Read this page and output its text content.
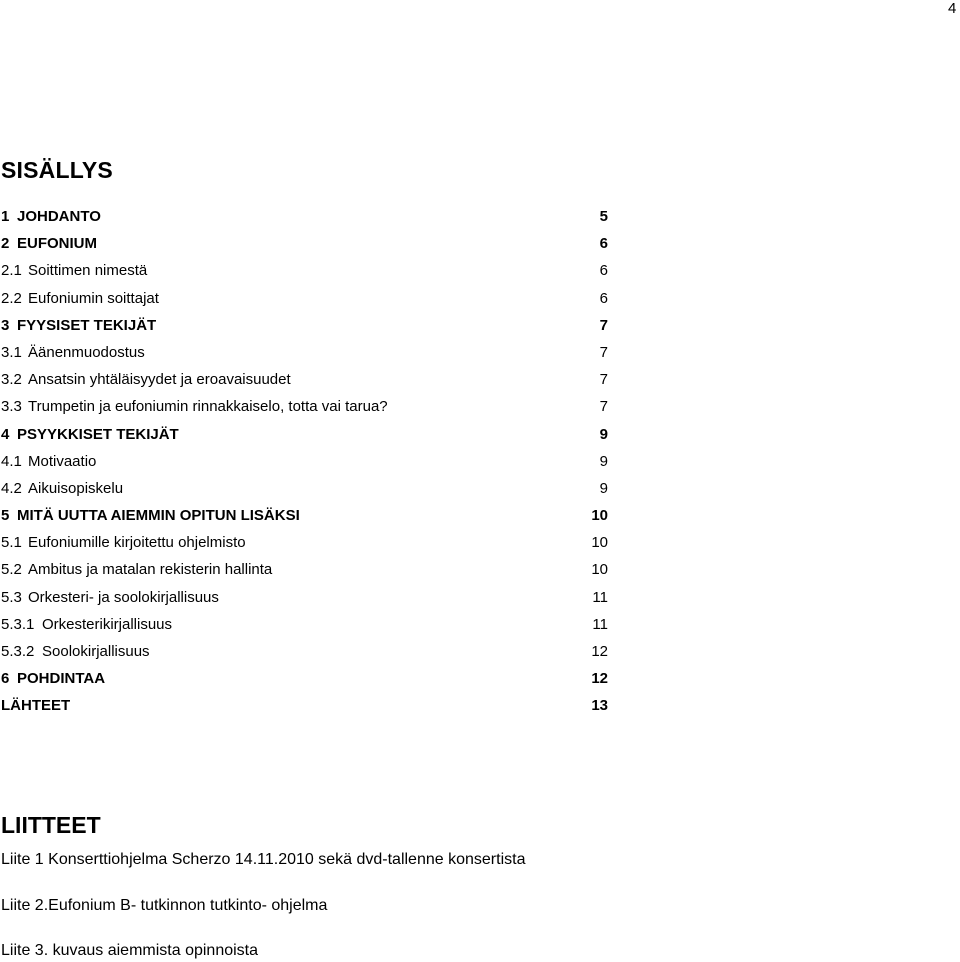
4
SISÄLLYS
1 JOHDANTO	5
2 EUFONIUM	6
2.1 Soittimen nimestä	6
2.2 Eufoniumin soittajat	6
3 FYYSISET TEKIJÄT	7
3.1 Äänenmuodostus	7
3.2 Ansatsin yhtäläisyydet ja eroavaisuudet	7
3.3 Trumpetin ja eufoniumin rinnakkaiselo, totta vai tarua?	7
4 PSYYKKISET TEKIJÄT	9
4.1 Motivaatio	9
4.2 Aikuisopiskelu	9
5 MITÄ UUTTA AIEMMIN OPITUN LISÄKSI	10
5.1 Eufoniumille kirjoitettu ohjelmisto	10
5.2 Ambitus ja matalan rekisterin hallinta	10
5.3 Orkesteri- ja soolokirjallisuus	11
5.3.1 Orkesterikirjallisuus	11
5.3.2 Soolokirjallisuus	12
6 POHDINTAA	12
LÄHTEET	13
LIITTEET
Liite 1 Konserttiohjelma Scherzo 14.11.2010 sekä dvd-tallenne konsertista
Liite 2.Eufonium B- tutkinnon tutkinto- ohjelma
Liite 3. kuvaus aiemmista opinnoista
